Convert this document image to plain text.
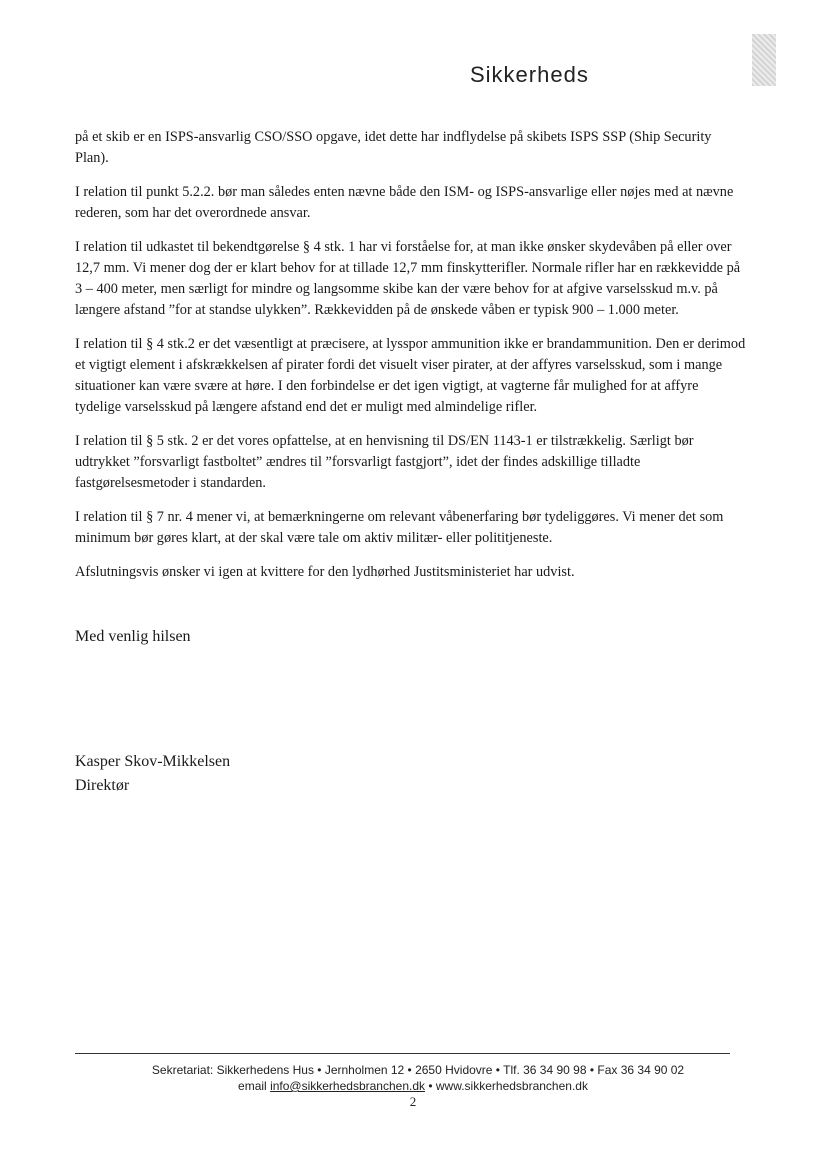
Sikkerheds

på et skib er en ISPS-ansvarlig CSO/SSO opgave, idet dette har indflydelse på skibets ISPS SSP (Ship Security Plan).

I relation til punkt 5.2.2. bør man således enten nævne både den ISM- og ISPS-ansvarlige eller nøjes med at nævne rederen, som har det overordnede ansvar.

I relation til udkastet til bekendtgørelse § 4 stk. 1 har vi forståelse for, at man ikke ønsker skydevåben på eller over 12,7 mm. Vi mener dog der er klart behov for at tillade 12,7 mm finskytterifler. Normale rifler har en rækkevidde på 3 – 400 meter, men særligt for mindre og langsomme skibe kan der være behov for at afgive varselsskud m.v. på længere afstand ”for at standse ulykken”. Rækkevidden på de ønskede våben er typisk 900 – 1.000 meter.

I relation til § 4 stk.2 er det væsentligt at præcisere, at lysspor ammunition ikke er brandammunition. Den er derimod et vigtigt element i afskrækkelsen af pirater fordi det visuelt viser pirater, at der affyres varselsskud, som i mange situationer kan være svære at høre. I den forbindelse er det igen vigtigt, at vagterne får mulighed for at affyre tydelige varselsskud på længere afstand end det er muligt med almindelige rifler.

I relation til § 5 stk. 2 er det vores opfattelse, at en henvisning til DS/EN 1143-1 er tilstrækkelig. Særligt bør udtrykket ”forsvarligt fastboltet” ændres til ”forsvarligt fastgjort”, idet der findes adskillige tilladte fastgørelsesmetoder i standarden.

I relation til § 7 nr. 4 mener vi, at bemærkningerne om relevant våbenerfaring bør tydeliggøres. Vi mener det som minimum bør gøres klart, at der skal være tale om aktiv militær- eller polititjeneste.

Afslutningsvis ønsker vi igen at kvittere for den lydhørhed Justitsministeriet har udvist.

Med venlig hilsen
Kasper Skov-Mikkelsen
Direktør
Sekretariat: Sikkerhedens Hus • Jernholmen 12 • 2650 Hvidovre • Tlf. 36 34 90 98 • Fax 36 34 90 02
email info@sikkerhedsbranchen.dk • www.sikkerhedsbranchen.dk
2
